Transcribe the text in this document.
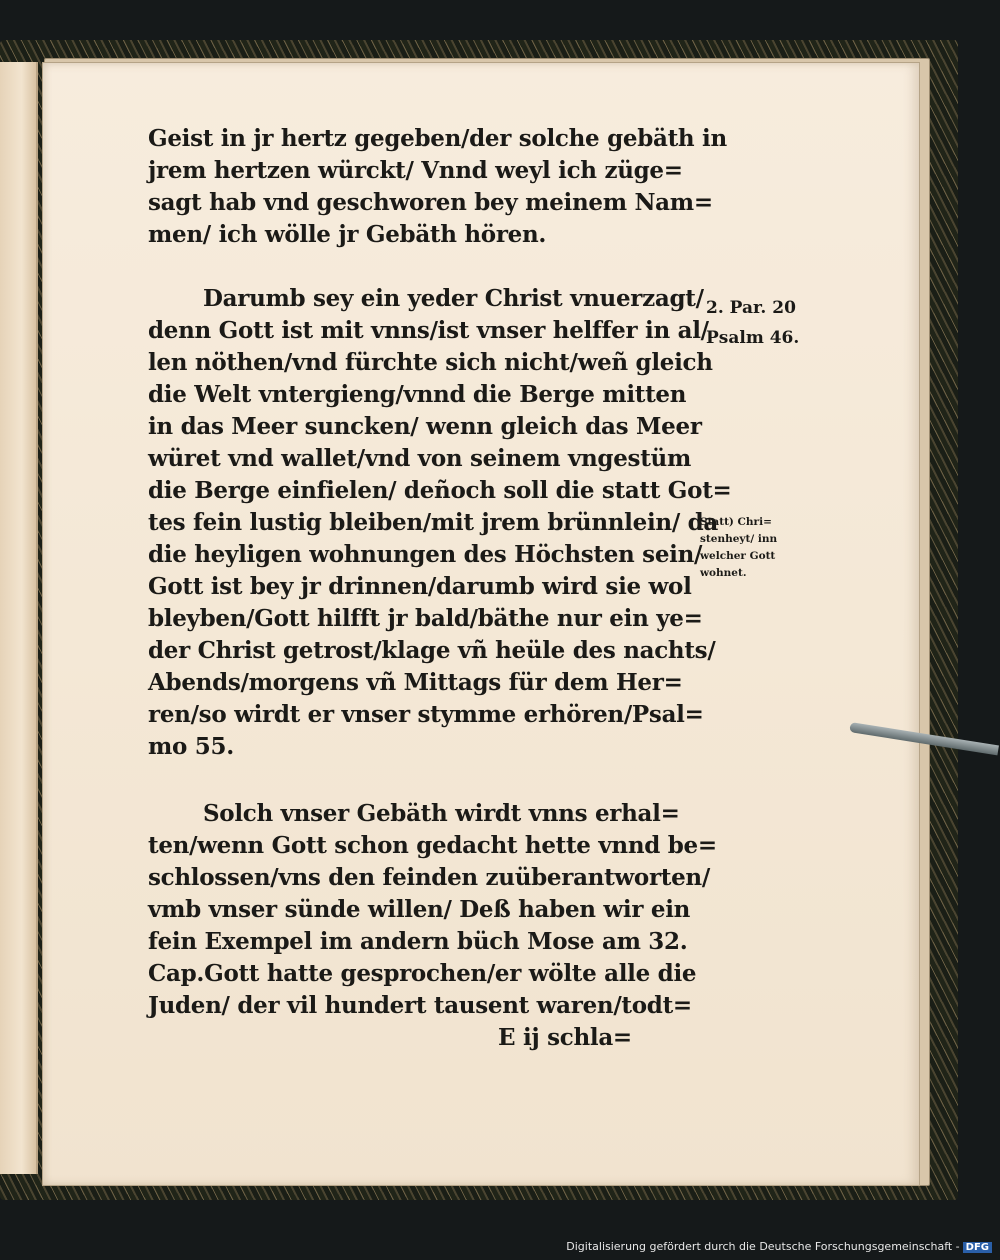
Geist in jr hertz gegeben/der solche gebäth in
jrem hertzen würckt/ Vnnd weyl ich züge=
sagt hab vnd geschworen bey meinem Nam=
men/ ich wölle jr Gebäth hören.
Darumb sey ein yeder Christ vnuerzagt/
denn Gott ist mit vnns/ist vnser helffer in al/
len nöthen/vnd fürchte sich nicht/weñ gleich
die Welt vntergieng/vnnd die Berge mitten
in das Meer suncken/ wenn gleich das Meer
würet vnd wallet/vnd von seinem vngestüm
die Berge einfielen/ deñoch soll die statt Got=
tes fein lustig bleiben/mit jrem brünnlein/ da
die heyligen wohnungen des Höchsten sein/
Gott ist bey jr drinnen/darumb wird sie wol
bleyben/Gott hilfft jr bald/bäthe nur ein ye=
der Christ getrost/klage vñ heüle des nachts/
Abends/morgens vñ Mittags für dem Her=
ren/so wirdt er vnser stymme erhören/Psal=
mo 55.
Solch vnser Gebäth wirdt vnns erhal=
ten/wenn Gott schon gedacht hette vnnd be=
schlossen/vns den feinden zuüberantworten/
vmb vnser sünde willen/ Deß haben wir ein
fein Exempel im andern büch Mose am 32.
Cap.Gott hatte gesprochen/er wölte alle die
Juden/ der vil hundert tausent waren/todt=
E ij schla=
2. Par. 20
Psalm 46.
Statt) Chri=
stenheyt/ inn
welcher Gott
wohnet.
Digitalisierung gefördert durch die Deutsche Forschungsgemeinschaft - DFG
